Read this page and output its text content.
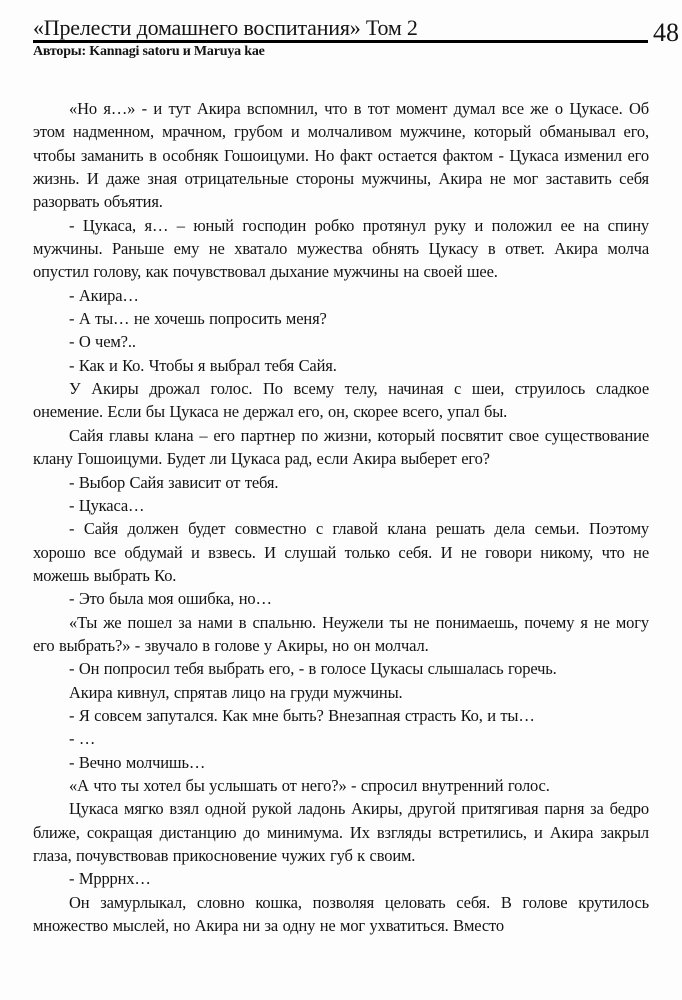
«Прелести домашнего воспитания» Том 2	48
Авторы: Kannagi satoru и Maruya kae

«Но я…» - и тут Акира вспомнил, что в тот момент думал все же о Цукасе. Об этом надменном, мрачном, грубом и молчаливом мужчине, который обманывал его, чтобы заманить в особняк Гошоицуми. Но факт остается фактом - Цукаса изменил его жизнь. И даже зная отрицательные стороны мужчины, Акира не мог заставить себя разорвать объятия.

- Цукаса, я… – юный господин робко протянул руку и положил ее на спину мужчины. Раньше ему не хватало мужества обнять Цукасу в ответ. Акира молча опустил голову, как почувствовал дыхание мужчины на своей шее.

- Акира…

- А ты… не хочешь попросить меня?

- О чем?..

- Как и Ко. Чтобы я выбрал тебя Сайя.

У Акиры дрожал голос. По всему телу, начиная с шеи, струилось сладкое онемение. Если бы Цукаса не держал его, он, скорее всего, упал бы.

Сайя главы клана – его партнер по жизни, который посвятит свое существование клану Гошоицуми. Будет ли Цукаса рад, если Акира выберет его?

- Выбор Сайя зависит от тебя.

- Цукаса…

- Сайя должен будет совместно с главой клана решать дела семьи. Поэтому хорошо все обдумай и взвесь. И слушай только себя. И не говори никому, что не можешь выбрать Ко.

- Это была моя ошибка, но…

«Ты же пошел за нами в спальню. Неужели ты не понимаешь, почему я не могу его выбрать?» - звучало в голове у Акиры, но он молчал.

- Он попросил тебя выбрать его, - в голосе Цукасы слышалась горечь.

Акира кивнул, спрятав лицо на груди мужчины.

- Я совсем запутался. Как мне быть? Внезапная страсть Ко, и ты…

- …

- Вечно молчишь…

«А что ты хотел бы услышать от него?» - спросил внутренний голос.

Цукаса мягко взял одной рукой ладонь Акиры, другой притягивая парня за бедро ближе, сокращая дистанцию до минимума. Их взгляды встретились, и Акира закрыл глаза, почувствовав прикосновение чужих губ к своим.

- Мрррнх…

Он замурлыкал, словно кошка, позволяя целовать себя. В голове крутилось множество мыслей, но Акира ни за одну не мог ухватиться. Вместо
